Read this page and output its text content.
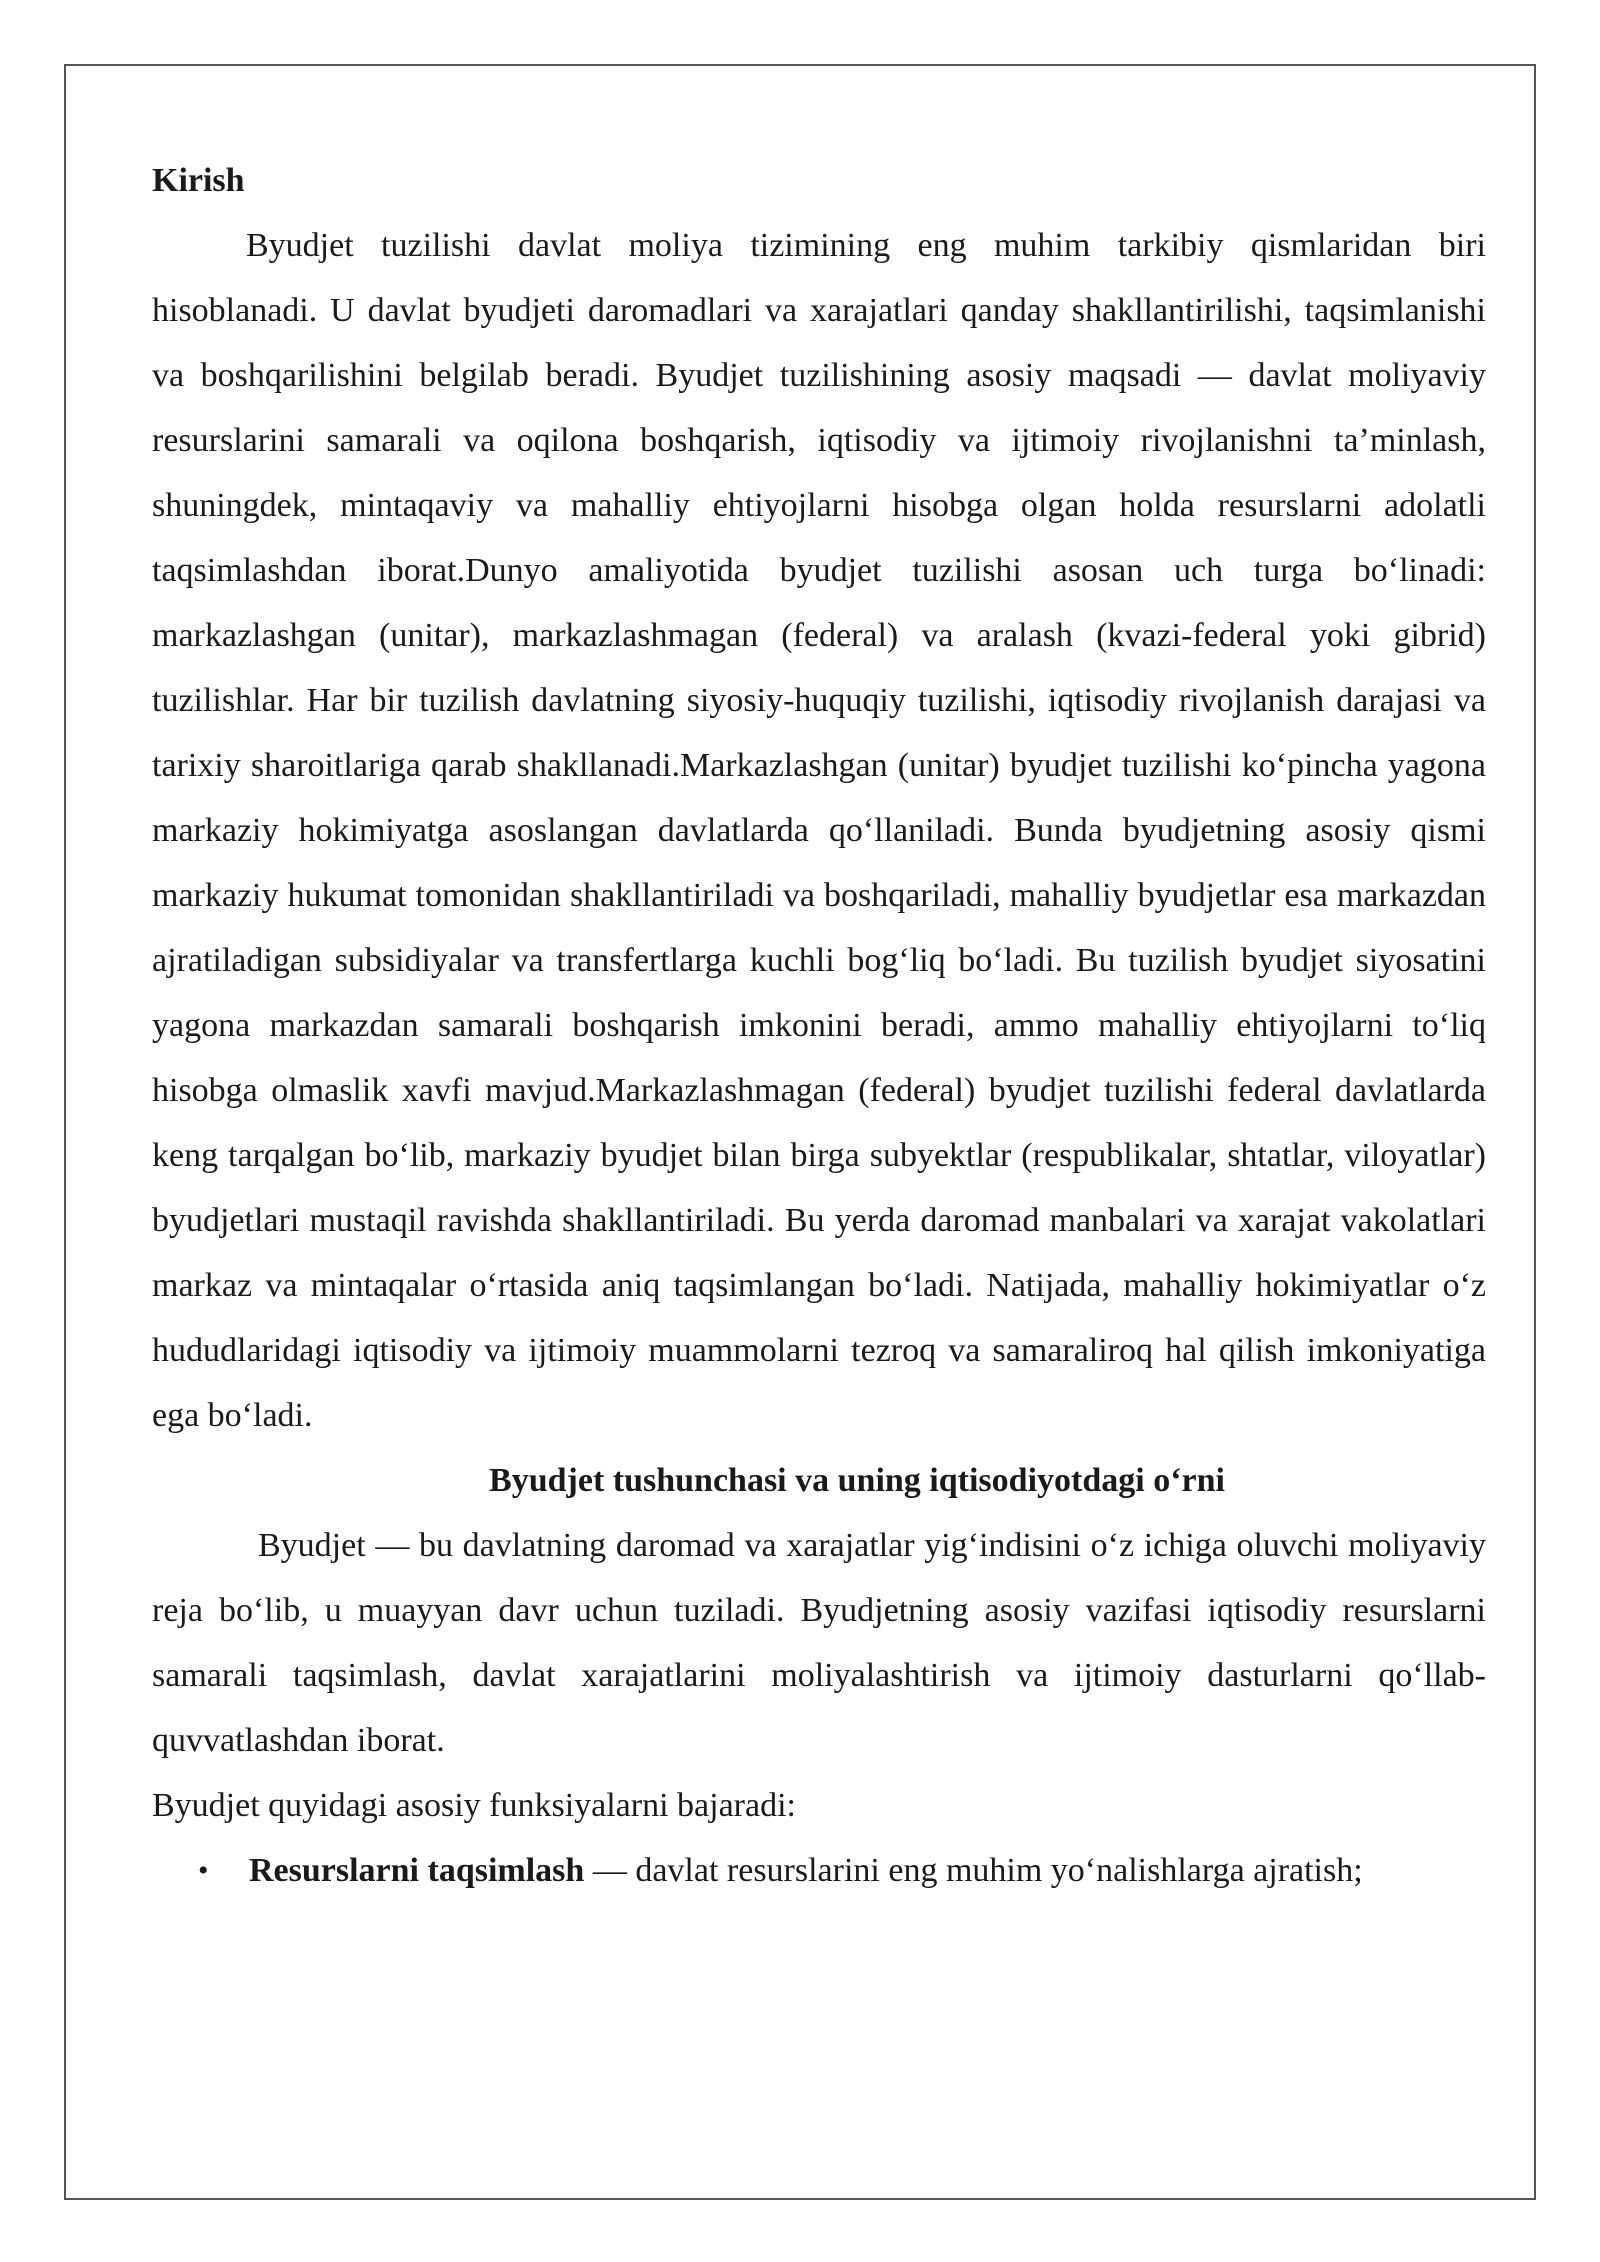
Kirish

Byudjet tuzilishi davlat moliya tizimining eng muhim tarkibiy qismlaridan biri hisoblanadi. U davlat byudjeti daromadlari va xarajatlari qanday shakllantirilishi, taqsimlanishi va boshqarilishini belgilab beradi. Byudjet tuzilishining asosiy maqsadi — davlat moliyaviy resurslarini samarali va oqilona boshqarish, iqtisodiy va ijtimoiy rivojlanishni ta’minlash, shuningdek, mintaqaviy va mahalliy ehtiyojlarni hisobga olgan holda resurslarni adolatli taqsimlashdan iborat.Dunyo amaliyotida byudjet tuzilishi asosan uch turga boʻlinadi: markazlashgan (unitar), markazlashmagan (federal) va aralash (kvazi-federal yoki gibrid) tuzilishlar. Har bir tuzilish davlatning siyosiy-huquqiy tuzilishi, iqtisodiy rivojlanish darajasi va tarixiy sharoitlariga qarab shakllanadi.Markazlashgan (unitar) byudjet tuzilishi koʻpincha yagona markaziy hokimiyatga asoslangan davlatlarda qoʻllaniladi. Bunda byudjetning asosiy qismi markaziy hukumat tomonidan shakllantiriladi va boshqariladi, mahalliy byudjetlar esa markazdan ajratiladigan subsidiyalar va transfertlarga kuchli bogʻliq boʻladi. Bu tuzilish byudjet siyosatini yagona markazdan samarali boshqarish imkonini beradi, ammo mahalliy ehtiyojlarni toʻliq hisobga olmaslik xavfi mavjud.Markazlashmagan (federal) byudjet tuzilishi federal davlatlarda keng tarqalgan boʻlib, markaziy byudjet bilan birga subyektlar (respublikalar, shtatlar, viloyatlar) byudjetlari mustaqil ravishda shakllantiriladi. Bu yerda daromad manbalari va xarajat vakolatlari markaz va mintaqalar oʻrtasida aniq taqsimlangan boʻladi. Natijada, mahalliy hokimiyatlar oʻz hududlaridagi iqtisodiy va ijtimoiy muammolarni tezroq va samaraliroq hal qilish imkoniyatiga ega boʻladi.

Byudjet tushunchasi va uning iqtisodiyotdagi oʻrni

Byudjet — bu davlatning daromad va xarajatlar yigʻindisini oʻz ichiga oluvchi moliyaviy reja boʻlib, u muayyan davr uchun tuziladi. Byudjetning asosiy vazifasi iqtisodiy resurslarni samarali taqsimlash, davlat xarajatlarini moliyalashtirish va ijtimoiy dasturlarni qoʻllab-quvvatlashdan iborat.

Byudjet quyidagi asosiy funksiyalarni bajaradi:

• Resurslarni taqsimlash — davlat resurslarini eng muhim yoʻnalishlarga ajratish;
